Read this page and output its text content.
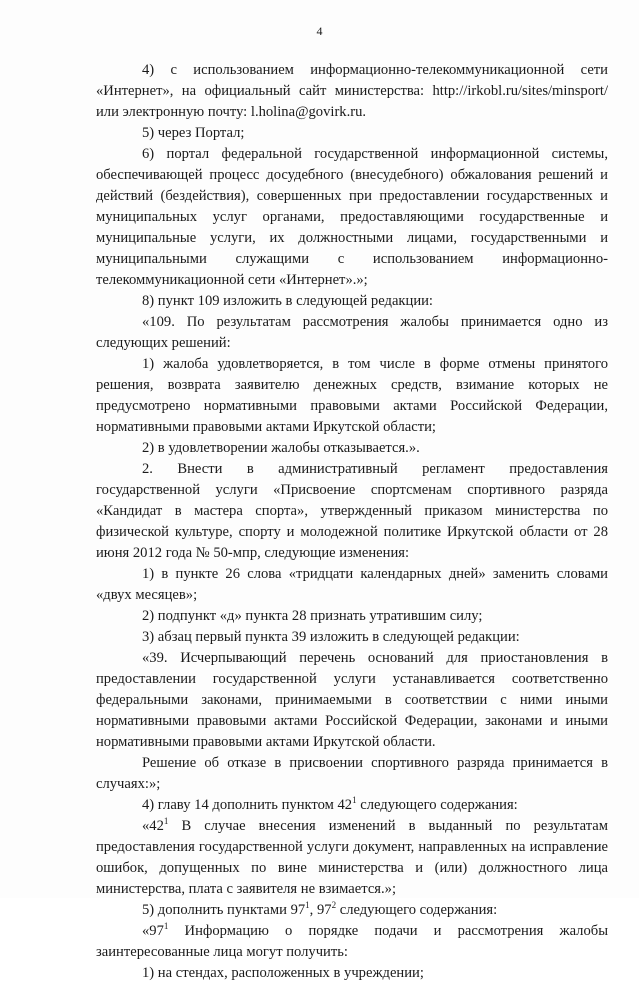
4

4) с использованием информационно-телекоммуникационной сети «Интернет», на официальный сайт министерства: http://irkobl.ru/sites/minsport/ или электронную почту: l.holina@govirk.ru.

5) через Портал;

6) портал федеральной государственной информационной системы, обеспечивающей процесс досудебного (внесудебного) обжалования решений и действий (бездействия), совершенных при предоставлении государственных и муниципальных услуг органами, предоставляющими государственные и муниципальные услуги, их должностными лицами, государственными и муниципальными служащими с использованием информационно-телекоммуникационной сети «Интернет».»;

8) пункт 109 изложить в следующей редакции:

«109. По результатам рассмотрения жалобы принимается одно из следующих решений:

1) жалоба удовлетворяется, в том числе в форме отмены принятого решения, возврата заявителю денежных средств, взимание которых не предусмотрено нормативными правовыми актами Российской Федерации, нормативными правовыми актами Иркутской области;

2) в удовлетворении жалобы отказывается.».

2. Внести в административный регламент предоставления государственной услуги «Присвоение спортсменам спортивного разряда «Кандидат в мастера спорта», утвержденный приказом министерства по физической культуре, спорту и молодежной политике Иркутской области от 28 июня 2012 года № 50-мпр, следующие изменения:

1) в пункте 26 слова «тридцати календарных дней» заменить словами «двух месяцев»;

2) подпункт «д» пункта 28 признать утратившим силу;

3) абзац первый пункта 39 изложить в следующей редакции:

«39. Исчерпывающий перечень оснований для приостановления в предоставлении государственной услуги устанавливается соответственно федеральными законами, принимаемыми в соответствии с ними иными нормативными правовыми актами Российской Федерации, законами и иными нормативными правовыми актами Иркутской области.

Решение об отказе в присвоении спортивного разряда принимается в случаях:»;

4) главу 14 дополнить пунктом $42^1$ следующего содержания:

«$42^1$ В случае внесения изменений в выданный по результатам предоставления государственной услуги документ, направленных на исправление ошибок, допущенных по вине министерства и (или) должностного лица министерства, плата с заявителя не взимается.»;

5) дополнить пунктами $97^1$, $97^2$ следующего содержания:

«$97^1$ Информацию о порядке подачи и рассмотрения жалобы заинтересованные лица могут получить:

1) на стендах, расположенных в учреждении;
